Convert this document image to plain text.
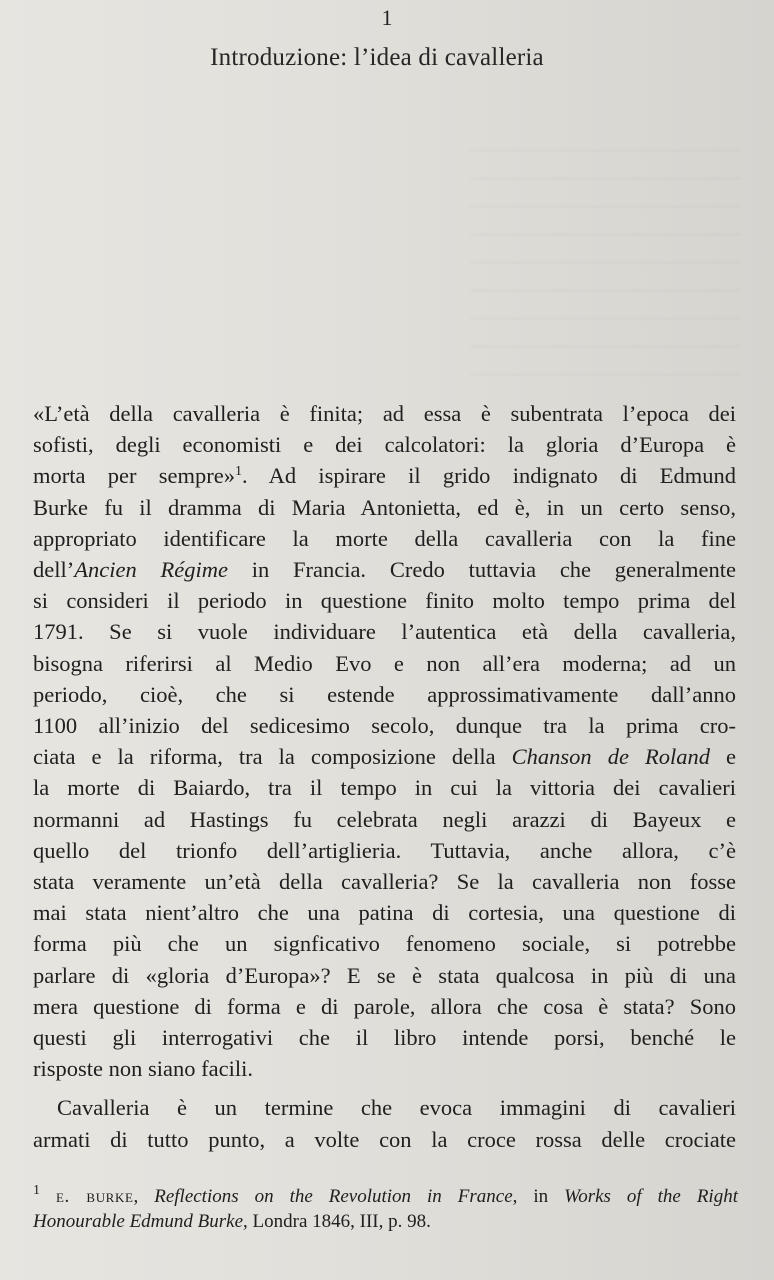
1
Introduzione: l’idea di cavalleria
«L’età della cavalleria è finita; ad essa è subentrata l’epoca dei
sofisti, degli economisti e dei calcolatori: la gloria d’Europa è
morta per sempre»$^1$. Ad ispirare il grido indignato di Edmund
Burke fu il dramma di Maria Antonietta, ed è, in un certo senso,
appropriato identificare la morte della cavalleria con la fine
dell’Ancien Régime in Francia. Credo tuttavia che generalmente
si consideri il periodo in questione finito molto tempo prima del
1791. Se si vuole individuare l’autentica età della cavalleria,
bisogna riferirsi al Medio Evo e non all’era moderna; ad un
periodo, cioè, che si estende approssimativamente dall’anno
1100 all’inizio del sedicesimo secolo, dunque tra la prima cro-
ciata e la riforma, tra la composizione della Chanson de Roland e
la morte di Baiardo, tra il tempo in cui la vittoria dei cavalieri
normanni ad Hastings fu celebrata negli arazzi di Bayeux e
quello del trionfo dell’artiglieria. Tuttavia, anche allora, c’è
stata veramente un’età della cavalleria? Se la cavalleria non fosse
mai stata nient’altro che una patina di cortesia, una questione di
forma più che un signficativo fenomeno sociale, si potrebbe
parlare di «gloria d’Europa»? E se è stata qualcosa in più di una
mera questione di forma e di parole, allora che cosa è stata? Sono
questi gli interrogativi che il libro intende porsi, benché le
risposte non siano facili.
Cavalleria è un termine che evoca immagini di cavalieri
armati di tutto punto, a volte con la croce rossa delle crociate
$^1$ e. burke, Reflections on the Revolution in France, in Works of the Right
Honourable Edmund Burke, Londra 1846, III, p. 98.
